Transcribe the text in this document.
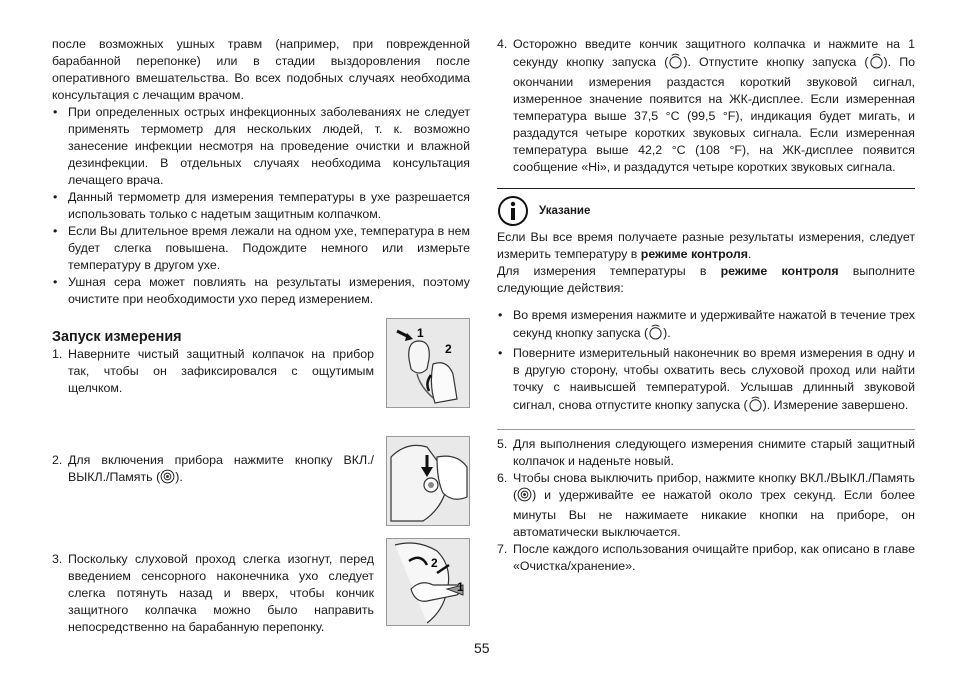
после возможных ушных травм (например, при поврежденной барабанной перепонке) или в стадии выздоровления после оперативного вмешательства. Во всех подобных случаях необходима консультация с лечащим врачом.

• При определенных острых инфекционных заболеваниях не следует применять термометр для нескольких людей, т. к. возможно занесение инфекции несмотря на проведение очистки и влажной дезинфекции. В отдельных случаях необходима консультация лечащего врача.
• Данный термометр для измерения температуры в ухе разрешается использовать только с надетым защитным колпачком.
• Если Вы длительное время лежали на одном ухе, температура в нем будет слегка повышена. Подождите немного или измерьте температуру в другом ухе.
• Ушная сера может повлиять на результаты измерения, поэтому очистите при необходимости ухо перед измерением.
Запуск измерения
1. Наверните чистый защитный колпачок на прибор так, чтобы он зафиксировался с ощутимым щелчком.
2. Для включения прибора нажмите кнопку ВКЛ./ВЫКЛ./Память ( ).
3. Поскольку слуховой проход слегка изогнут, перед введением сенсорного наконечника ухо следует слегка потянуть назад и вверх, чтобы кончик защитного колпачка можно было направить непосредственно на барабанную перепонку.
1
2
2
1
4. Осторожно введите кончик защитного колпачка и нажмите на 1 секунду кнопку запуска ( ). Отпустите кнопку запуска ( ). По окончании измерения раздастся короткий звуковой сигнал, измеренное значение появится на ЖК-дисплее. Если измеренная температура выше 37,5 °C (99,5 °F), индикация будет мигать, и раздадутся четыре коротких звуковых сигнала. Если измеренная температура выше 42,2 °C (108 °F), на ЖК-дисплее появится сообщение «Hi», и раздадутся четыре коротких звуковых сигнала.
Указание

Если Вы все время получаете разные результаты измерения, следует измерить температуру в режиме контроля.

Для измерения температуры в режиме контроля выполните следующие действия:

• Во время измерения нажмите и удерживайте нажатой в течение трех секунд кнопку запуска ( ).
• Поверните измерительный наконечник во время измерения в одну и в другую сторону, чтобы охватить весь слуховой проход или найти точку с наивысшей температурой. Услышав длинный звуковой сигнал, снова отпустите кнопку запуска ( ). Измерение завершено.
5. Для выполнения следующего измерения снимите старый защитный колпачок и наденьте новый.
6. Чтобы снова выключить прибор, нажмите кнопку ВКЛ./ВЫКЛ./Память ( ) и удерживайте ее нажатой около трех секунд. Если более минуты Вы не нажимаете никакие кнопки на приборе, он автоматически выключается.
7. После каждого использования очищайте прибор, как описано в главе «Очистка/хранение».
55
